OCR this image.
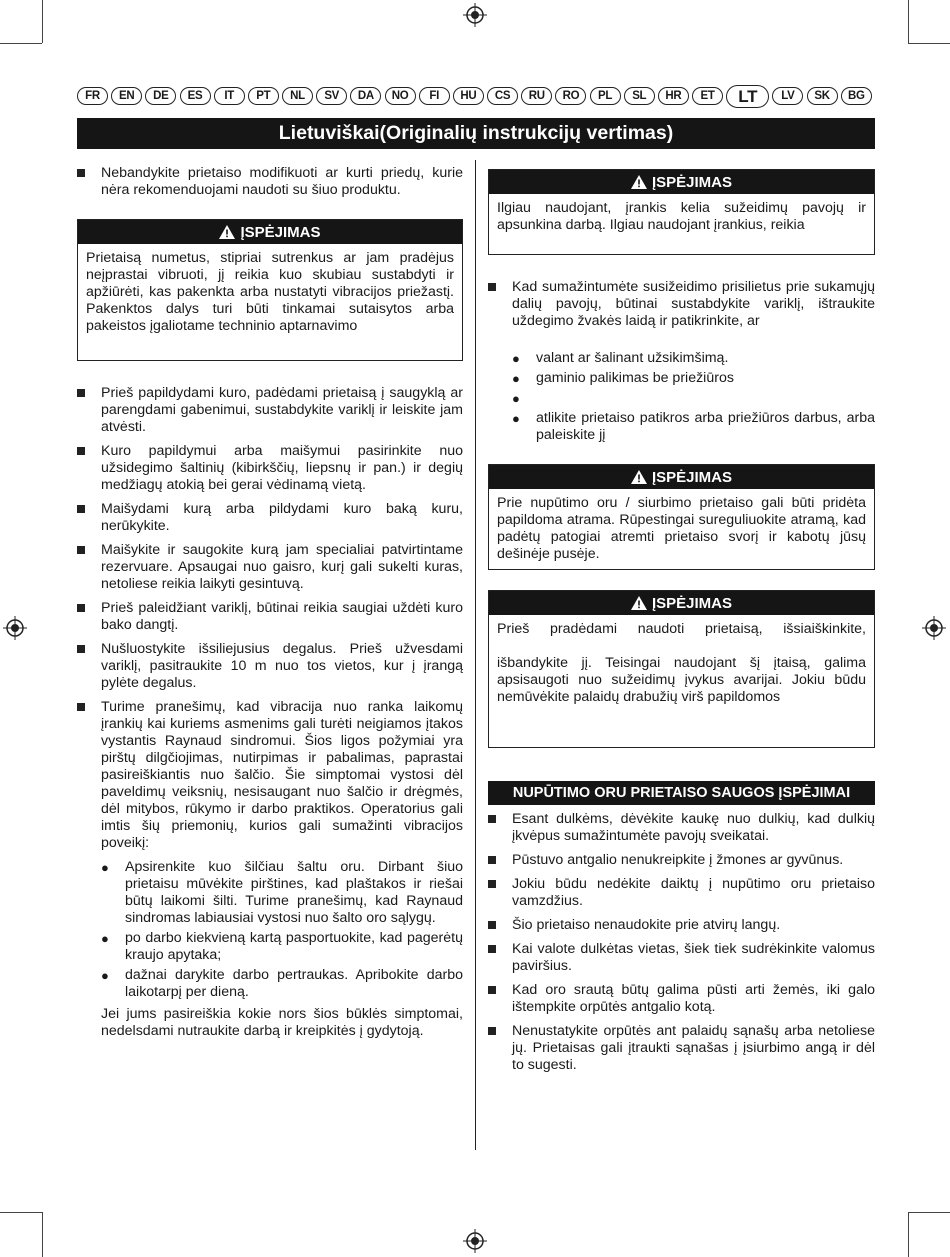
FR	EN	DE	ES	IT	PT	NL	SV	DA	NO	FI	HU	CS	RU	RO	PL	SL	HR	ET	LT	LV	SK	BG
Lietuviškai(Originalių instrukcijų vertimas)
Nebandykite prietaiso modifikuoti ar kurti priedų, kurie nėra rekomenduojami naudoti su šiuo produktu.
ĮSPĖJIMAS
Prietaisą numetus, stipriai sutrenkus ar jam pradėjus neįprastai vibruoti, jį reikia kuo skubiau sustabdyti ir apžiūrėti, kas pakenkta arba nustatyti vibracijos priežastį. Pakenktos dalys turi būti tinkamai sutaisytos arba pakeistos įgaliotame techninio aptarnavimo
Prieš papildydami kuro, padėdami prietaisą į saugyklą ar parengdami gabenimui, sustabdykite variklį ir leiskite jam atvėsti.
Kuro papildymui arba maišymui pasirinkite nuo užsidegimo šaltinių (kibirkščių, liepsnų ir pan.) ir degių medžiagų atokią bei gerai vėdinamą vietą.
Maišydami kurą arba pildydami kuro baką kuru, nerūkykite.
Maišykite ir saugokite kurą jam specialiai patvirtintame rezervuare. Apsaugai nuo gaisro, kurį gali sukelti kuras, netoliese reikia laikyti gesintuvą.
Prieš paleidžiant variklį, būtinai reikia saugiai uždėti kuro bako dangtį.
Nušluostykite išsiliejusius degalus. Prieš užvesdami variklį, pasitraukite 10 m nuo tos vietos, kur į įrangą pylėte degalus.
Turime pranešimų, kad vibracija nuo ranka laikomų įrankių kai kuriems asmenims gali turėti neigiamos įtakos vystantis Raynaud sindromui. Šios ligos požymiai yra pirštų dilgčiojimas, nutirpimas ir pabalimas, paprastai pasireiškiantis nuo šalčio. Šie simptomai vystosi dėl paveldimų veiksnių, nesisaugant nuo šalčio ir drėgmės, dėl mitybos, rūkymo ir darbo praktikos. Operatorius gali imtis šių priemonių, kurios gali sumažinti vibracijos poveikį:
●	Apsirenkite kuo šilčiau šaltu oru. Dirbant šiuo prietaisu mūvėkite pirštines, kad plaštakos ir riešai būtų laikomi šilti. Turime pranešimų, kad Raynaud sindromas labiausiai vystosi nuo šalto oro sąlygų.
●	po darbo kiekvieną kartą pasportuokite, kad pagerėtų kraujo apytaka;
●	dažnai darykite darbo pertraukas. Apribokite darbo laikotarpį per dieną.
Jei jums pasireiškia kokie nors šios būklės simptomai, nedelsdami nutraukite darbą ir kreipkitės į gydytoją.
ĮSPĖJIMAS
Ilgiau naudojant, įrankis kelia sužeidimų pavojų ir apsunkina darbą. Ilgiau naudojant įrankius, reikia
Kad sumažintumėte susižeidimo prisilietus prie sukamųjų dalių pavojų, būtinai sustabdykite variklį, ištraukite uždegimo žvakės laidą ir patikrinkite, ar
●	valant ar šalinant užsikimšimą.
●	gaminio palikimas be priežiūros
●
●	atlikite prietaiso patikros arba priežiūros darbus, arba paleiskite jį
ĮSPĖJIMAS
Prie nupūtimo oru / siurbimo prietaiso gali būti pridėta papildoma atrama. Rūpestingai sureguliuokite atramą, kad padėtų patogiai atremti prietaiso svorį ir kabotų jūsų dešinėje pusėje.
ĮSPĖJIMAS
Prieš pradėdami naudoti prietaisą, išsiaiškinkite,
išbandykite jį. Teisingai naudojant šį įtaisą, galima apsisaugoti nuo sužeidimų įvykus avarijai. Jokiu būdu nemūvėkite palaidų drabužių virš papildomos
NUPŪTIMO ORU PRIETAISO SAUGOS ĮSPĖJIMAI
Esant dulkėms, dėvėkite kaukę nuo dulkių, kad dulkių įkvėpus sumažintumėte pavojų sveikatai.
Pūstuvo antgalio nenukreipkite į žmones ar gyvūnus.
Jokiu būdu nedėkite daiktų į nupūtimo oru prietaiso vamzdžius.
Šio prietaiso nenaudokite prie atvirų langų.
Kai valote dulkėtas vietas, šiek tiek sudrėkinkite valomus paviršius.
Kad oro srautą būtų galima pūsti arti žemės, iki galo ištempkite orpūtės antgalio kotą.
Nenustatykite orpūtės ant palaidų sąnašų arba netoliese jų. Prietaisas gali įtraukti sąnašas į įsiurbimo angą ir dėl to sugesti.
